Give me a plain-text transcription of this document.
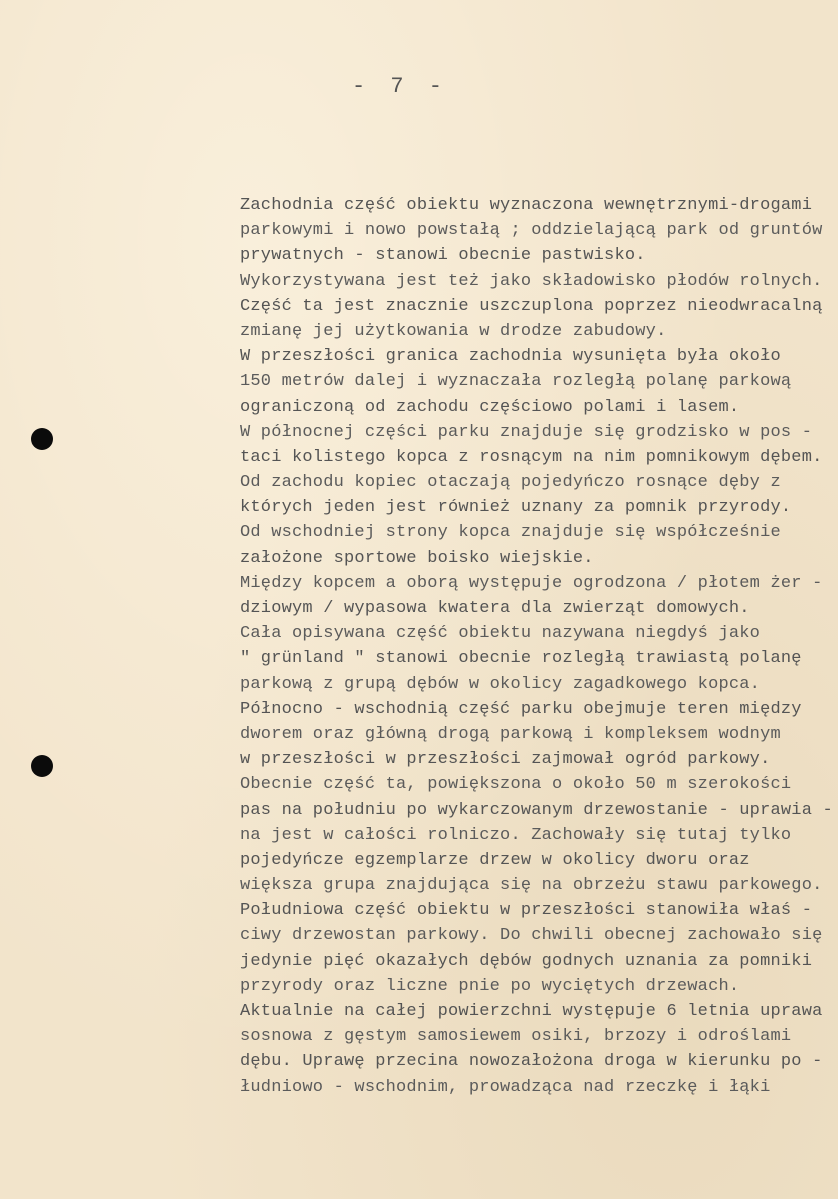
- 7 -
Zachodnia część obiektu wyznaczona wewnętrznymi-drogami
parkowymi i nowo powstałą ; oddzielającą park od gruntów
prywatnych - stanowi obecnie pastwisko.
Wykorzystywana jest też jako składowisko płodów rolnych.
Część ta jest znacznie uszczuplona poprzez nieodwracalną
zmianę jej użytkowania w drodze zabudowy.
W przeszłości granica zachodnia wysunięta była około
150 metrów dalej i wyznaczała rozległą polanę parkową
ograniczoną od zachodu częściowo polami i lasem.
W północnej części parku znajduje się grodzisko w pos -
taci kolistego kopca z rosnącym na nim pomnikowym dębem.
Od zachodu kopiec otaczają pojedyńczo rosnące dęby z
których jeden jest również uznany za pomnik przyrody.
Od wschodniej strony kopca znajduje się współcześnie
założone sportowe boisko wiejskie.
Między kopcem a oborą występuje ogrodzona / płotem żer -
dziowym / wypasowa kwatera dla zwierząt domowych.
Cała opisywana część obiektu nazywana niegdyś jako
" grünland " stanowi obecnie rozległą trawiastą polanę
parkową z grupą dębów w okolicy zagadkowego kopca.
Północno - wschodnią część parku obejmuje teren między
dworem oraz główną drogą parkową i kompleksem wodnym
w przeszłości w przeszłości zajmował ogród parkowy.
Obecnie część ta, powiększona o około 50 m szerokości
pas na południu po wykarczowanym drzewostanie - uprawia -
na jest w całości rolniczo. Zachowały się tutaj tylko
pojedyńcze egzemplarze drzew w okolicy dworu oraz
większa grupa znajdująca się na obrzeżu stawu parkowego.
Południowa część obiektu w przeszłości stanowiła właś -
ciwy drzewostan parkowy. Do chwili obecnej zachowało się
jedynie pięć okazałych dębów godnych uznania za pomniki
przyrody oraz liczne pnie po wyciętych drzewach.
Aktualnie na całej powierzchni występuje 6 letnia uprawa
sosnowa z gęstym samosiewem osiki, brzozy i odroślami
dębu. Uprawę przecina nowozałożona droga w kierunku po -
łudniowo - wschodnim, prowadząca nad rzeczkę i łąki
